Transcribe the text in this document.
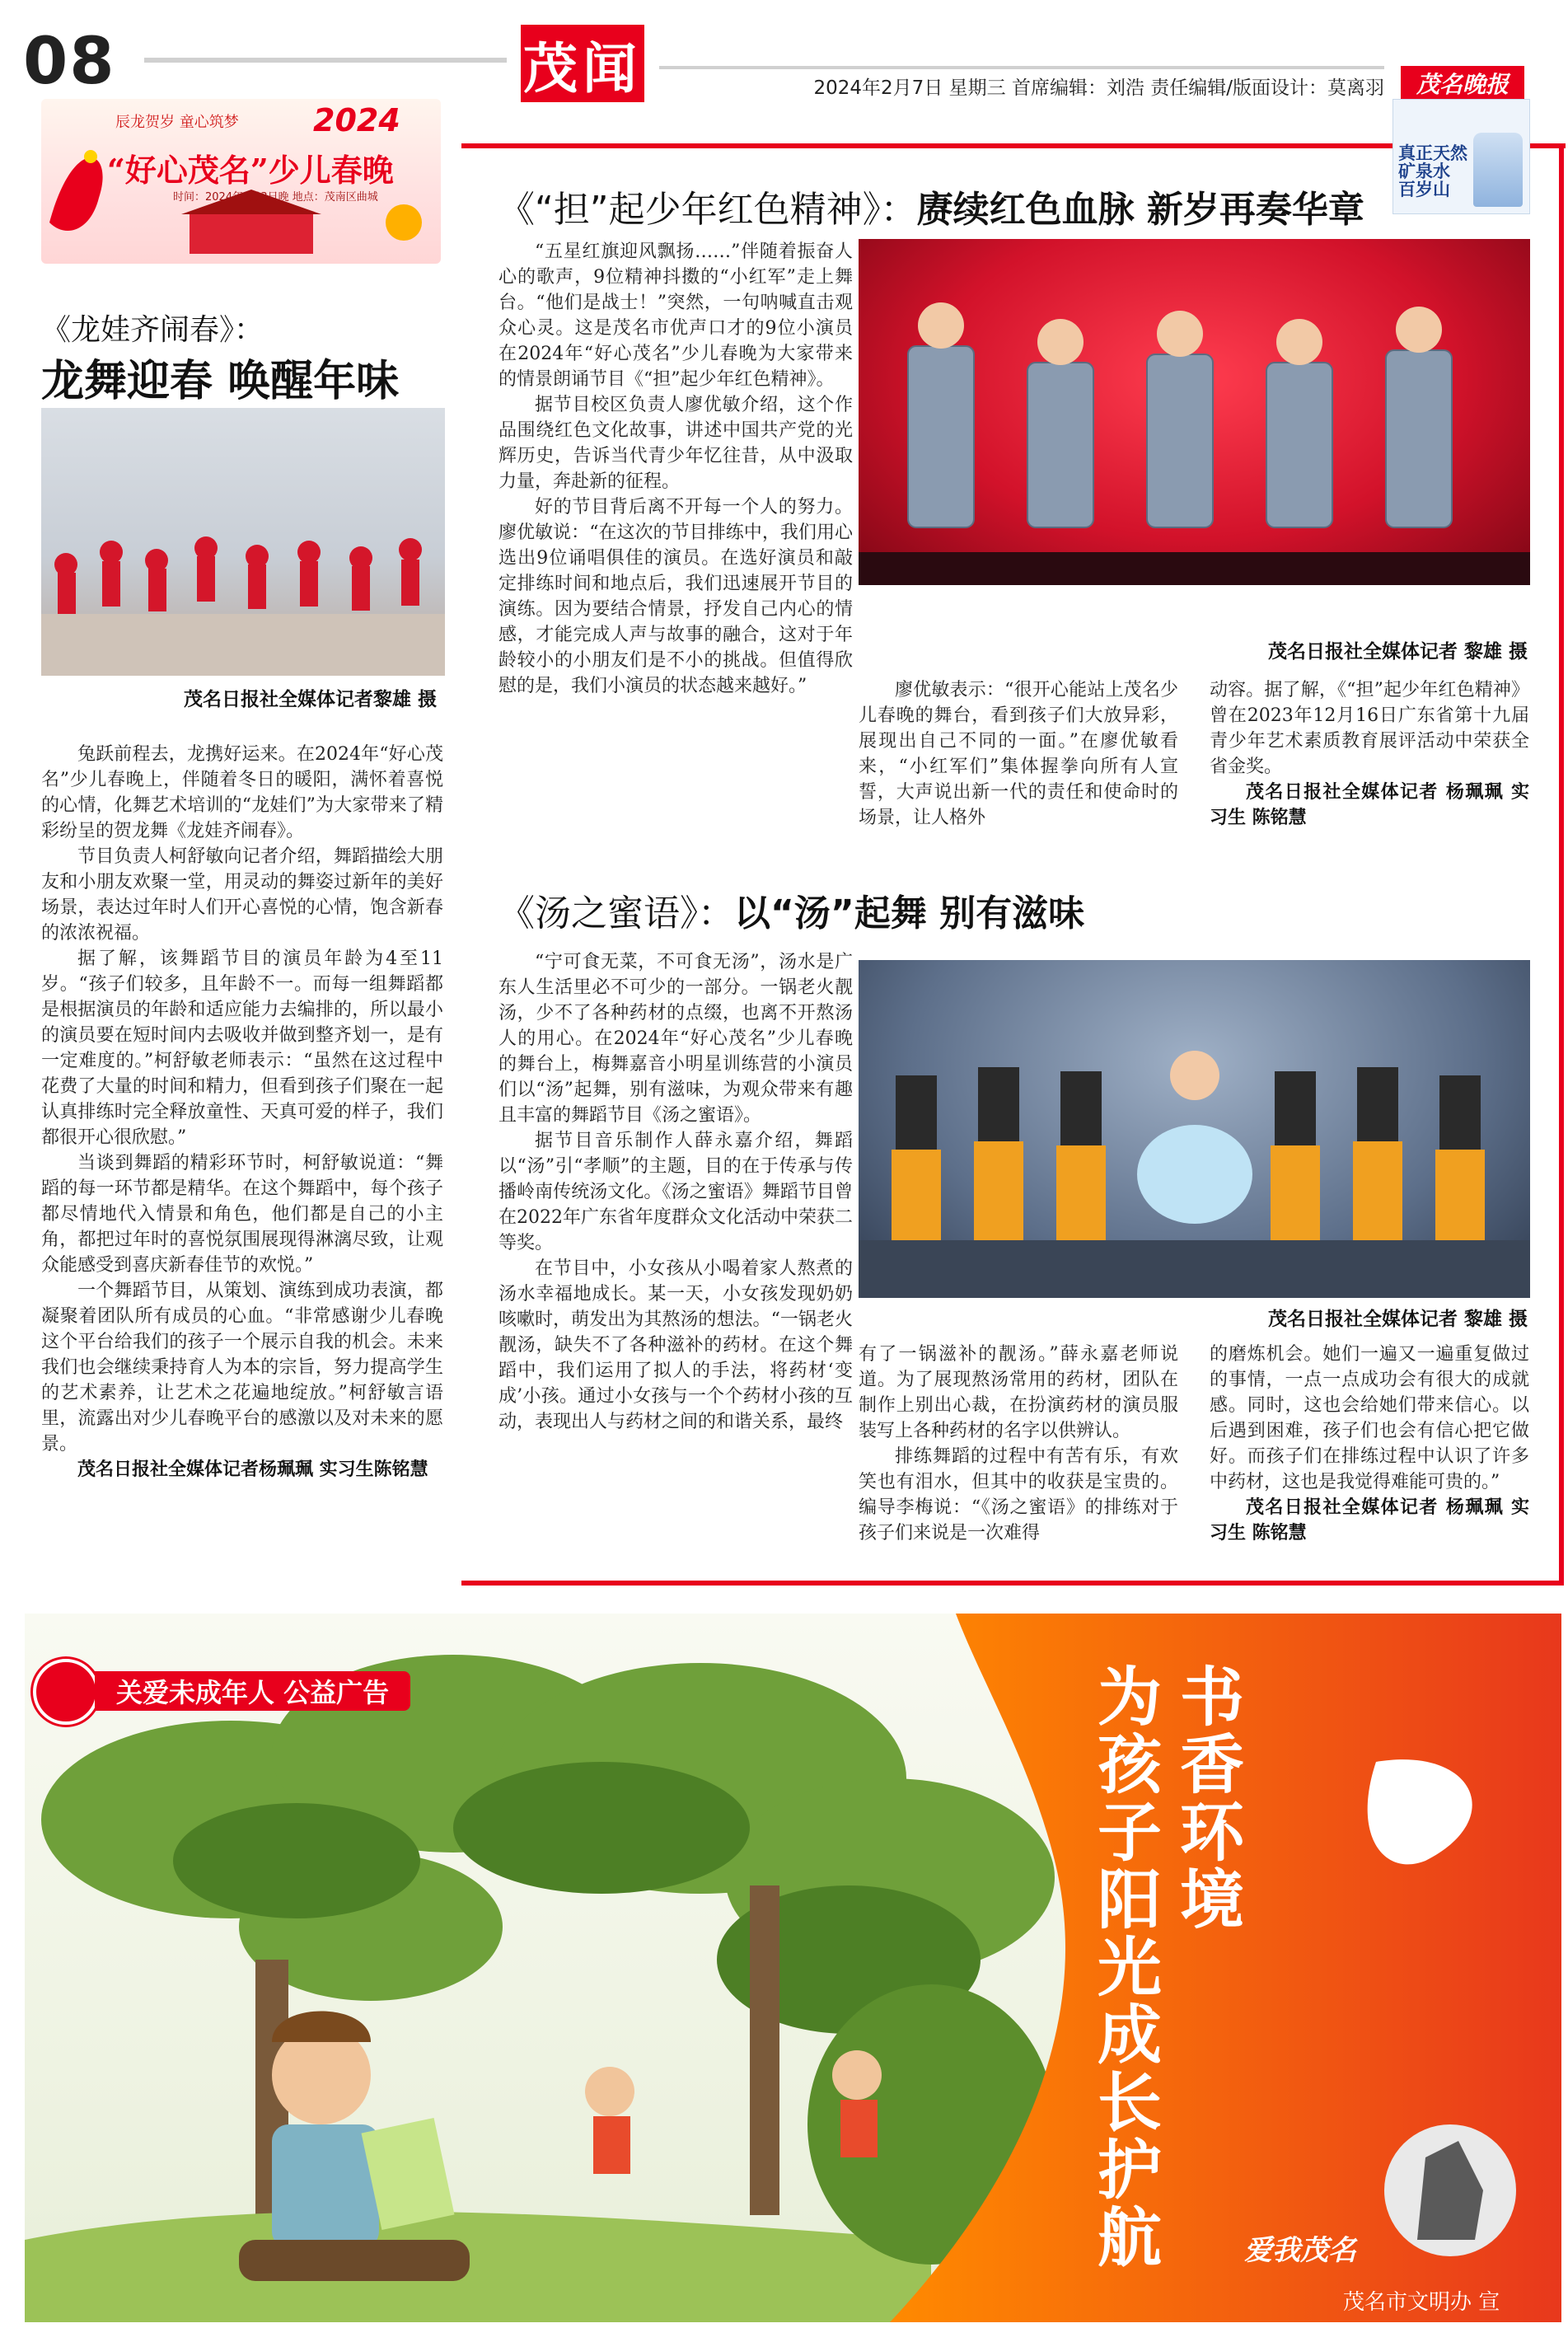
08	茂闻	2024年2月7日 星期三 首席编辑：刘浩 责任编辑/版面设计：莫离羽	茂名晚报
辰龙贺岁 童心筑梦 2024
“好心茂名”少儿春晚
时间：2024年2月3日晚 地点：茂南区曲城
真正天然矿泉水 百岁山
《龙娃齐闹春》：
龙舞迎春 唤醒年味
茂名日报社全媒体记者黎雄 摄

兔跃前程去，龙携好运来。在2024年“好心茂名”少儿春晚上，伴随着冬日的暖阳，满怀着喜悦的心情，化舞艺术培训的“龙娃们”为大家带来了精彩纷呈的贺龙舞《龙娃齐闹春》。

节目负责人柯舒敏向记者介绍，舞蹈描绘大朋友和小朋友欢聚一堂，用灵动的舞姿过新年的美好场景，表达过年时人们开心喜悦的心情，饱含新春的浓浓祝福。

据了解，该舞蹈节目的演员年龄为4至11岁。“孩子们较多，且年龄不一。而每一组舞蹈都是根据演员的年龄和适应能力去编排的，所以最小的演员要在短时间内去吸收并做到整齐划一，是有一定难度的。”柯舒敏老师表示：“虽然在这过程中花费了大量的时间和精力，但看到孩子们聚在一起认真排练时完全释放童性、天真可爱的样子，我们都很开心很欣慰。”

当谈到舞蹈的精彩环节时，柯舒敏说道：“舞蹈的每一环节都是精华。在这个舞蹈中，每个孩子都尽情地代入情景和角色，他们都是自己的小主角，都把过年时的喜悦氛围展现得淋漓尽致，让观众能感受到喜庆新春佳节的欢悦。”

一个舞蹈节目，从策划、演练到成功表演，都凝聚着团队所有成员的心血。“非常感谢少儿春晚这个平台给我们的孩子一个展示自我的机会。未来我们也会继续秉持育人为本的宗旨，努力提高学生的艺术素养，让艺术之花遍地绽放。”柯舒敏言语里，流露出对少儿春晚平台的感激以及对未来的愿景。

茂名日报社全媒体记者杨珮珮 实习生陈铭慧

《“担”起少年红色精神》：赓续红色血脉 新岁再奏华章

“五星红旗迎风飘扬……”伴随着振奋人心的歌声，9位精神抖擞的“小红军”走上舞台。“他们是战士！”突然，一句呐喊直击观众心灵。这是茂名市优声口才的9位小演员在2024年“好心茂名”少儿春晚为大家带来的情景朗诵节目《“担”起少年红色精神》。

据节目校区负责人廖优敏介绍，这个作品围绕红色文化故事，讲述中国共产党的光辉历史，告诉当代青少年忆往昔，从中汲取力量，奔赴新的征程。

好的节目背后离不开每一个人的努力。廖优敏说：“在这次的节目排练中，我们用心选出9位诵唱俱佳的演员。在选好演员和敲定排练时间和地点后，我们迅速展开节目的演练。因为要结合情景，抒发自己内心的情感，才能完成人声与故事的融合，这对于年龄较小的小朋友们是不小的挑战。但值得欣慰的是，我们小演员的状态越来越好。”

茂名日报社全媒体记者 黎雄 摄

廖优敏表示：“很开心能站上茂名少儿春晚的舞台，看到孩子们大放异彩，展现出自己不同的一面。”在廖优敏看来，“小红军们”集体握拳向所有人宣誓，大声说出新一代的责任和使命时的场景，让人格外

动容。据了解，《“担”起少年红色精神》曾在2023年12月16日广东省第十九届青少年艺术素质教育展评活动中荣获全省金奖。

茂名日报社全媒体记者 杨珮珮 实习生 陈铭慧

《汤之蜜语》：以“汤”起舞 别有滋味

“宁可食无菜，不可食无汤”，汤水是广东人生活里必不可少的一部分。一锅老火靓汤，少不了各种药材的点缀，也离不开熬汤人的用心。在2024年“好心茂名”少儿春晚的舞台上，梅舞嘉音小明星训练营的小演员们以“汤”起舞，别有滋味，为观众带来有趣且丰富的舞蹈节目《汤之蜜语》。

据节目音乐制作人薛永嘉介绍，舞蹈以“汤”引“孝顺”的主题，目的在于传承与传播岭南传统汤文化。《汤之蜜语》舞蹈节目曾在2022年广东省年度群众文化活动中荣获二等奖。

在节目中，小女孩从小喝着家人熬煮的汤水幸福地成长。某一天，小女孩发现奶奶咳嗽时，萌发出为其熬汤的想法。“一锅老火靓汤，缺失不了各种滋补的药材。在这个舞蹈中，我们运用了拟人的手法，将药材‘变成’小孩。通过小女孩与一个个药材小孩的互动，表现出人与药材之间的和谐关系，最终

茂名日报社全媒体记者 黎雄 摄

有了一锅滋补的靓汤。”薛永嘉老师说道。为了展现熬汤常用的药材，团队在制作上别出心裁，在扮演药材的演员服装写上各种药材的名字以供辨认。

排练舞蹈的过程中有苦有乐，有欢笑也有泪水，但其中的收获是宝贵的。编导李梅说：“《汤之蜜语》的排练对于孩子们来说是一次难得

的磨炼机会。她们一遍又一遍重复做过的事情，一点一点成功会有很大的成就感。同时，这也会给她们带来信心。以后遇到困难，孩子们也会有信心把它做好。而孩子们在排练过程中认识了许多中药材，这也是我觉得难能可贵的。”

茂名日报社全媒体记者 杨珮珮 实习生 陈铭慧

关爱未成年人 公益广告	书香环境
为孩子阳光成长护航	爱我茂名
茂名市文明办 宣
